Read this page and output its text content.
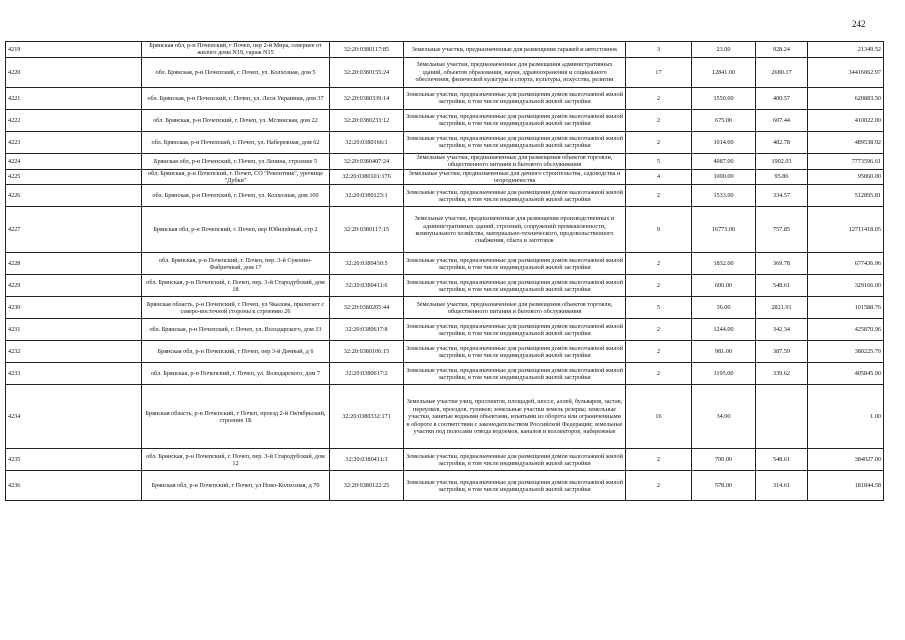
242
4219	Брянская обл, р-н Почепский, г Почеп, пер 2-й Мира, севернее от жилого дома N19, гараж N15	32:20:0380117:85	Земельные участки, предназначенные для размещения гаражей и автостоянок	3	23.00	928.24	21349.52
4220	обл. Брянская, р-н Почепский, г. Почеп, ул. Колхозная, дом 5	32:20:0380155:24	Земельные участки, предназначенные для размещения административных зданий, объектов образования, науки, здравоохранения и социального обеспечения, физической культуры и спорта, культуры, искусства, религии	17	12841.00	2680.17	34416062.97
4221	обл. Брянская, р-н Почепский, г. Почеп, ул. Леси Украинки, дом 37	32:20:0380339:14	Земельные участки, предназначенные для размещения домов малоэтажной жилой застройки, в том числе индивидуальной жилой застройки	2	1550.00	400.57	620883.50
4222	обл. Брянская, р-н Почепский, г. Почеп, ул. Мглинская, дом 22	32:20:0380233:12	Земельные участки, предназначенные для размещения домов малоэтажной жилой застройки, в том числе индивидуальной жилой застройки	2	675.00	607.44	410022.00
4223	обл. Брянская, р-н Почепский, г. Почеп, ул. Набережная, дом 62	32:20:0380166:1	Земельные участки, предназначенные для размещения домов малоэтажной жилой застройки, в том числе индивидуальной жилой застройки	2	1014.00	482.78	489538.92
4224	Брянская обл, р-н Почепский, г. Почеп, ул Ленина, строение 5	32:20:0380407:24	Земельные участки, предназначенные для размещения объектов торговли, общественного питания и бытового обслуживания	5	4087.00	1902.03	7773596.61
4225	обл. Брянская, р-н Почепский, г. Почеп, СО "Реконтпик", урочище "Дубки"	32:20:0380101:176	Земельные участки, предназначенные для дачного строительства, садоводства и огородничества	4	1000.00	95.86	95860.00
4226	обл. Брянская, р-н Почепский, г. Почеп, ул. Колхозная, дом 100	32:20:0380123:1	Земельные участки, предназначенные для размещения домов малоэтажной жилой застройки, в том числе индивидуальной жилой застройки	2	1533.00	334.57	512895.81
4227	Брянская обл, р-н Почепский, г. Почеп, пер Юбилейный, стр 2	32:20:0380117:15	Земельные участки, предназначенные для размещения производственных и административных зданий, строений, сооружений промышленности, коммунального хозяйства, материально-технического, продовольственного снабжения, сбыта и заготовок	9	16773.00	757.85	12711418.05
4228	обл. Брянская, р-н Почепский, г. Почеп, пер. 3-й Суконно-Фабричный, дом 17	32:20:0380430:5	Земельные участки, предназначенные для размещения домов малоэтажной жилой застройки, в том числе индивидуальной жилой застройки	2	1832.00	369.78	677436.96
4229	обл. Брянская, р-н Почепский, г. Почеп, пер. 3-й Стародубский, дом 18	32:20:0380411:6	Земельные участки, предназначенные для размещения домов малоэтажной жилой застройки, в том числе индивидуальной жилой застройки	2	600.00	548.61	329166.00
4230	Брянская область, р-н Почепский, г Почеп, ул Чкалова, прилегает с северо-восточной стороны к строению 26	32:20:0380205:44	Земельные участки, предназначенные для размещения объектов торговли, общественного питания и бытового обслуживания	5	36.00	2821.91	101588.76
4231	обл. Брянская, р-н Почепский, г. Почеп, ул. Володарского, дом 13	32:20:0380617:8	Земельные участки, предназначенные для размещения домов малоэтажной жилой застройки, в том числе индивидуальной жилой застройки	2	1244.00	342.34	425870.96
4232	Брянская обл, р-н Почепский, г Почеп, пер 3-й Дачный, д 6	32:20:0380106:15	Земельные участки, предназначенные для размещения домов малоэтажной жилой застройки, в том числе индивидуальной жилой застройки	2	981.00	387.59	380225.79
4233	обл. Брянская, р-н Почепский, г. Почеп, ул. Володарского, дом 7	32:20:0380617:2	Земельные участки, предназначенные для размещения домов малоэтажной жилой застройки, в том числе индивидуальной жилой застройки	2	1195.00	339.62	405845.90
4234	Брянская область, р-н Почепский, г Почеп, проезд 2-й Октябрьский, строение 1Б	32:20:0380332:171	Земельные участки улиц, проспектов, площадей, шоссе, аллей, бульваров, застав, переулков, проездов, тупиков; земельные участки земель резерва; земельные участки, занятые водными объектами, изъятыми из оборота или ограниченными в обороте в соответствии с законодательством Российской Федерации; земельные участки под полосами отвода водоемов, каналов и коллекторов, набережные	16	34.00		1.00
4235	обл. Брянская, р-н Почепский, г. Почеп, пер. 3-й Стародубский, дом 12	32:20:0380411:3	Земельные участки, предназначенные для размещения домов малоэтажной жилой застройки, в том числе индивидуальной жилой застройки	2	700.00	548.61	384027.00
4236	Брянская обл, р-н Почепский, г Почеп, ул Ново-Колхозная, д 70	32:20:0380122:25	Земельные участки, предназначенные для размещения домов малоэтажной жилой застройки, в том числе индивидуальной жилой застройки	2	578.00	314.61	181844.58
